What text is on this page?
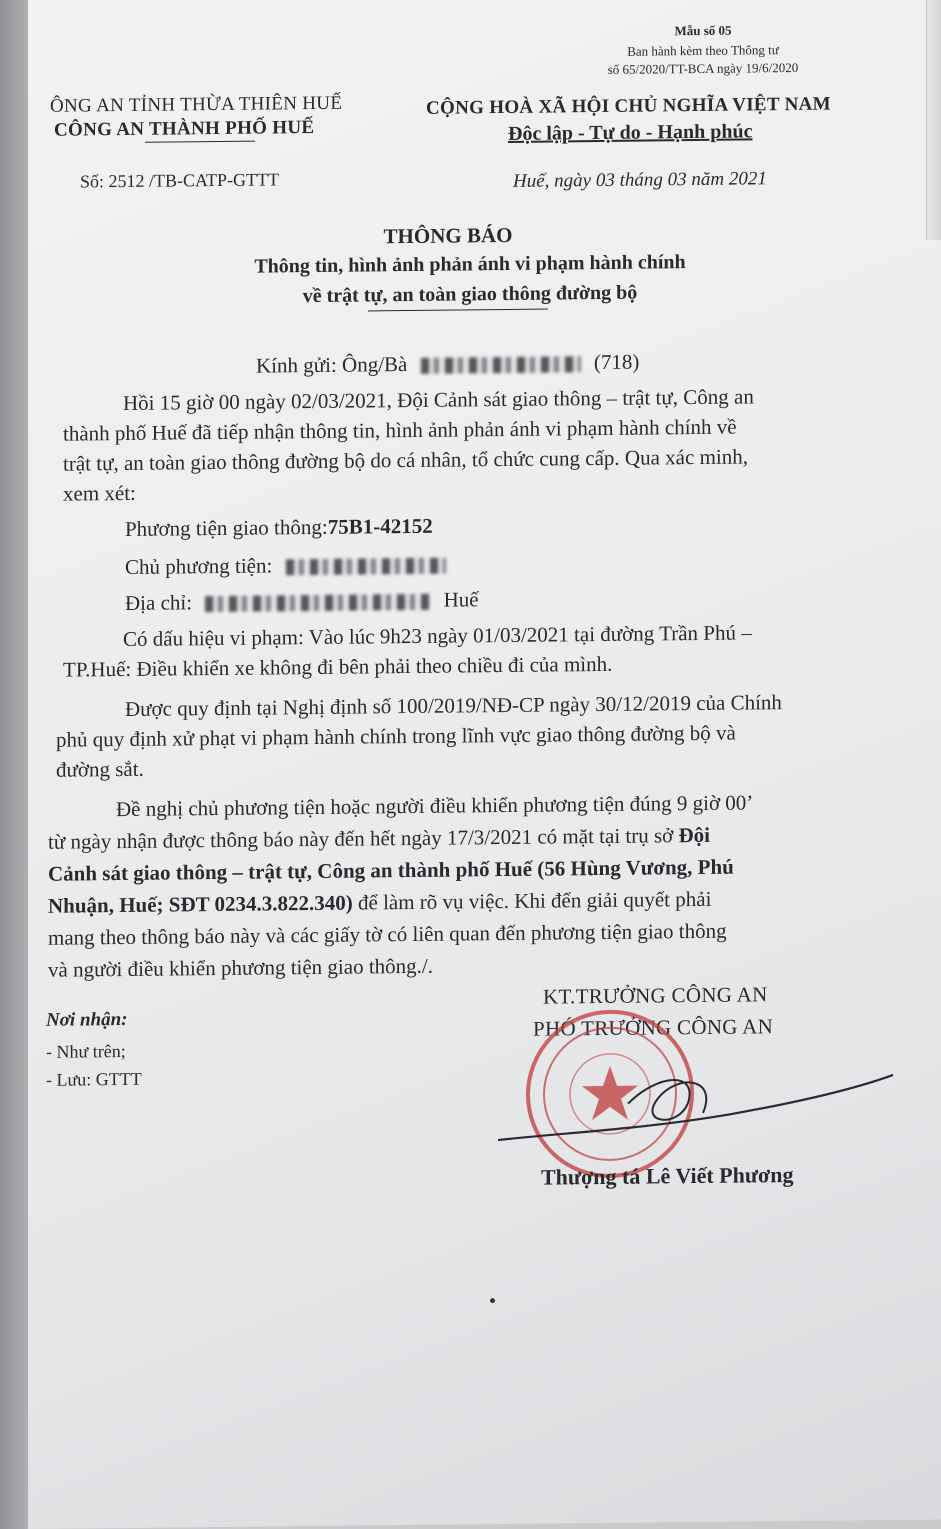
Mẫu số 05
Ban hành kèm theo Thông tư
số 65/2020/TT-BCA ngày 19/6/2020
ÔNG AN TỈNH THỪA THIÊN HUẾ
CÔNG AN THÀNH PHỐ HUẾ
Số: 2512 /TB-CATP-GTTT
CỘNG HOÀ XÃ HỘI CHỦ NGHĨA VIỆT NAM
Độc lập - Tự do - Hạnh phúc
Huế, ngày 03 tháng 03 năm 2021
THÔNG BÁO
Thông tin, hình ảnh phản ánh vi phạm hành chính
về trật tự, an toàn giao thông đường bộ
Kính gửi: Ông/Bà	(718)
Hồi 15 giờ 00 ngày 02/03/2021, Đội Cảnh sát giao thông – trật tự, Công an
thành phố Huế đã tiếp nhận thông tin, hình ảnh phản ánh vi phạm hành chính về
trật tự, an toàn giao thông đường bộ do cá nhân, tổ chức cung cấp. Qua xác minh,
xem xét:
Phương tiện giao thông:75B1-42152
Chủ phương tiện:
Địa chỉ:	Huế
Có dấu hiệu vi phạm: Vào lúc 9h23 ngày 01/03/2021 tại đường Trần Phú –
TP.Huế: Điều khiển xe không đi bên phải theo chiều đi của mình.
Được quy định tại Nghị định số 100/2019/NĐ-CP ngày 30/12/2019 của Chính
phủ quy định xử phạt vi phạm hành chính trong lĩnh vực giao thông đường bộ và
đường sắt.
Đề nghị chủ phương tiện hoặc người điều khiển phương tiện đúng 9 giờ 00’
từ ngày nhận được thông báo này đến hết ngày 17/3/2021 có mặt tại trụ sở Đội
Cảnh sát giao thông – trật tự, Công an thành phố Huế (56 Hùng Vương, Phú
Nhuận, Huế; SĐT 0234.3.822.340) để làm rõ vụ việc. Khi đến giải quyết phải
mang theo thông báo này và các giấy tờ có liên quan đến phương tiện giao thông
và người điều khiển phương tiện giao thông./.
Nơi nhận:
- Như trên;
- Lưu: GTTT
KT.TRƯỞNG CÔNG AN
PHÓ TRƯỞNG CÔNG AN
Thượng tá Lê Viết Phương
